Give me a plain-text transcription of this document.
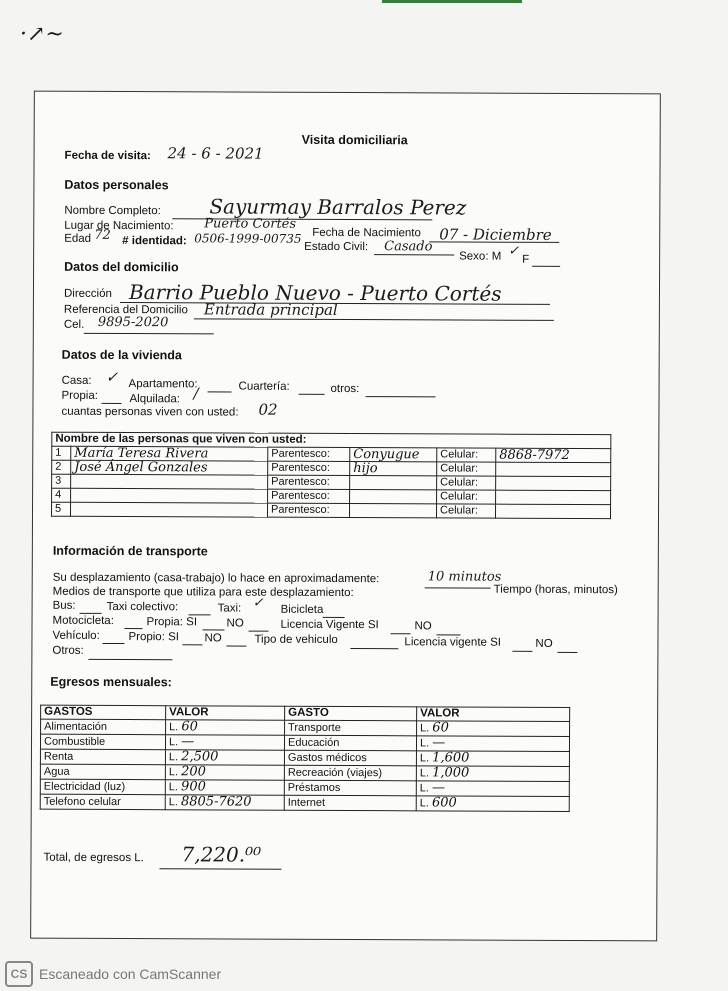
·↗~
Visita domiciliaria
Fecha de visita: 24 - 6 - 2021
Datos personales
Nombre Completo: Sayurmay Barralos Perez
Lugar de Nacimiento: Puerto Cortés
Fecha de Nacimiento 07 - Diciembre
Edad 72 # identidad: 0506-1999-00735
Estado Civil: Casado
Sexo: M ✓
F
Datos del domicilio
Dirección Barrio Pueblo Nuevo - Puerto Cortés
Referencia del Domicilio Entrada principal
Cel. 9895-2020
Datos de la vivienda
Casa: ✓ Apartamento:	Cuartería:	otros:
Propia:	Alquilada: /
cuantas personas viven con usted: 02
Nombre de las personas que viven con usted:					
1	María Teresa Rivera	Parentesco:	Conyugue	Celular:	8868-7972
2	José Ángel Gonzales	Parentesco:	hijo	Celular:	
3		Parentesco:		Celular:	
4		Parentesco:		Celular:	
5		Parentesco:		Celular:	
Información de transporte
Su desplazamiento (casa-trabajo) lo hace en aproximadamente:	10 minutos
Tiempo (horas, minutos)
Medios de transporte que utiliza para este desplazamiento:
Bus:	Taxi colectivo:	Taxi: ✓ Bicicleta
Motocicleta:	Propia: SI	NO	Licencia Vigente SI	NO
Vehículo: Propio: SI NO	Tipo de vehiculo	Licencia vigente SI	NO
Otros:
Egresos mensuales:
GASTOS	VALOR	GASTO	VALOR
Alimentación	L. 60	Transporte	L. 60
Combustible	L. —	Educación	L. —
Renta	L. 2,500	Gastos médicos	L. 1,600
Agua	L. 200	Recreación (viajes)	L. 1,000
Electricidad (luz)	L. 900	Préstamos	L. —
Telefono celular	L. 8805-7620	Internet	L. 600
Total, de egresos L. 7,220.⁰⁰
CS Escaneado con CamScanner
